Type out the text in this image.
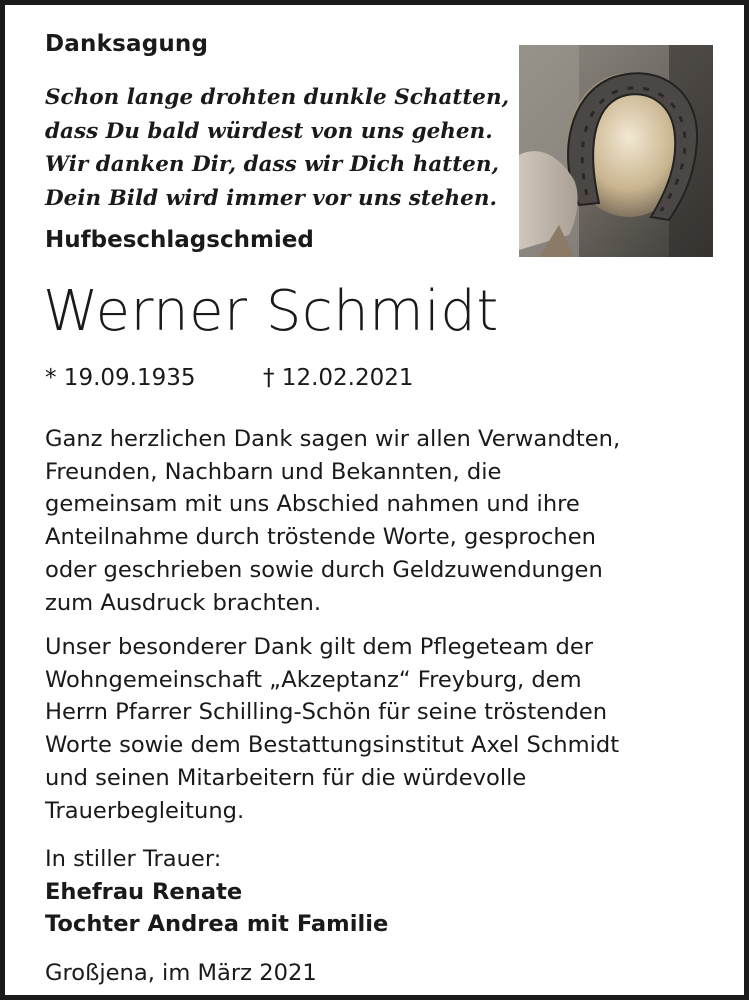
Danksagung
Schon lange drohten dunkle Schatten,
dass Du bald würdest von uns gehen.
Wir danken Dir, dass wir Dich hatten,
Dein Bild wird immer vor uns stehen.
Hufbeschlagschmied
Werner Schmidt
* 19.09.1935	† 12.02.2021
Ganz herzlichen Dank sagen wir allen Verwandten,
Freunden, Nachbarn und Bekannten, die
gemeinsam mit uns Abschied nahmen und ihre
Anteilnahme durch tröstende Worte, gesprochen
oder geschrieben sowie durch Geldzuwendungen
zum Ausdruck brachten.
Unser besonderer Dank gilt dem Pflegeteam der
Wohngemeinschaft „Akzeptanz“ Freyburg, dem
Herrn Pfarrer Schilling-Schön für seine tröstenden
Worte sowie dem Bestattungsinstitut Axel Schmidt
und seinen Mitarbeitern für die würdevolle
Trauerbegleitung.
In stiller Trauer:
Ehefrau Renate
Tochter Andrea mit Familie
Großjena, im März 2021
